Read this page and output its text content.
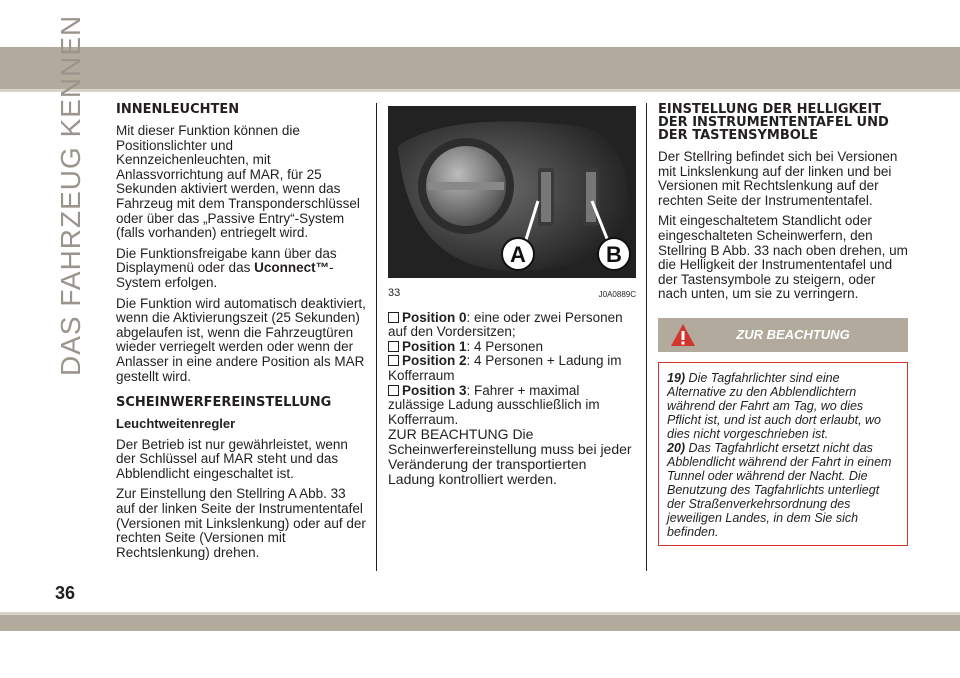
DAS FAHRZEUG KENNEN
36
INNENLEUCHTEN

Mit dieser Funktion können die Positionslichter und Kennzeichenleuchten, mit Anlassvorrichtung auf MAR, für 25 Sekunden aktiviert werden, wenn das Fahrzeug mit dem Transponderschlüssel oder über das „Passive Entry“-System (falls vorhanden) entriegelt wird.

Die Funktionsfreigabe kann über das Displaymenü oder das Uconnect™-System erfolgen.

Die Funktion wird automatisch deaktiviert, wenn die Aktivierungszeit (25 Sekunden) abgelaufen ist, wenn die Fahrzeugtüren wieder verriegelt werden oder wenn der Anlasser in eine andere Position als MAR gestellt wird.

SCHEINWERFEREINSTELLUNG
Leuchtweitenregler

Der Betrieb ist nur gewährleistet, wenn der Schlüssel auf MAR steht und das Abblendlicht eingeschaltet ist.

Zur Einstellung den Stellring A Abb. 33 auf der linken Seite der Instrumententafel (Versionen mit Linkslenkung) oder auf der rechten Seite (Versionen mit Rechtslenkung) drehen.

A	B
33	J0A0889C
Position 0: eine oder zwei Personen auf den Vordersitzen;
Position 1: 4 Personen
Position 2: 4 Personen + Ladung im Kofferraum
Position 3: Fahrer + maximal zulässige Ladung ausschließlich im Kofferraum.

ZUR BEACHTUNG Die Scheinwerfereinstellung muss bei jeder Veränderung der transportierten Ladung kontrolliert werden.

EINSTELLUNG DER HELLIGKEIT DER INSTRUMENTENTAFEL UND DER TASTENSYMBOLE

Der Stellring befindet sich bei Versionen mit Linkslenkung auf der linken und bei Versionen mit Rechtslenkung auf der rechten Seite der Instrumententafel.

Mit eingeschaltetem Standlicht oder eingeschalteten Scheinwerfern, den Stellring B Abb. 33 nach oben drehen, um die Helligkeit der Instrumententafel und der Tastensymbole zu steigern, oder nach unten, um sie zu verringern.

ZUR BEACHTUNG
19) Die Tagfahrlichter sind eine Alternative zu den Abblendlichtern während der Fahrt am Tag, wo dies Pflicht ist, und ist auch dort erlaubt, wo dies nicht vorgeschrieben ist.
20) Das Tagfahrlicht ersetzt nicht das Abblendlicht während der Fahrt in einem Tunnel oder während der Nacht. Die Benutzung des Tagfahrlichts unterliegt der Straßenverkehrsordnung des jeweiligen Landes, in dem Sie sich befinden.
